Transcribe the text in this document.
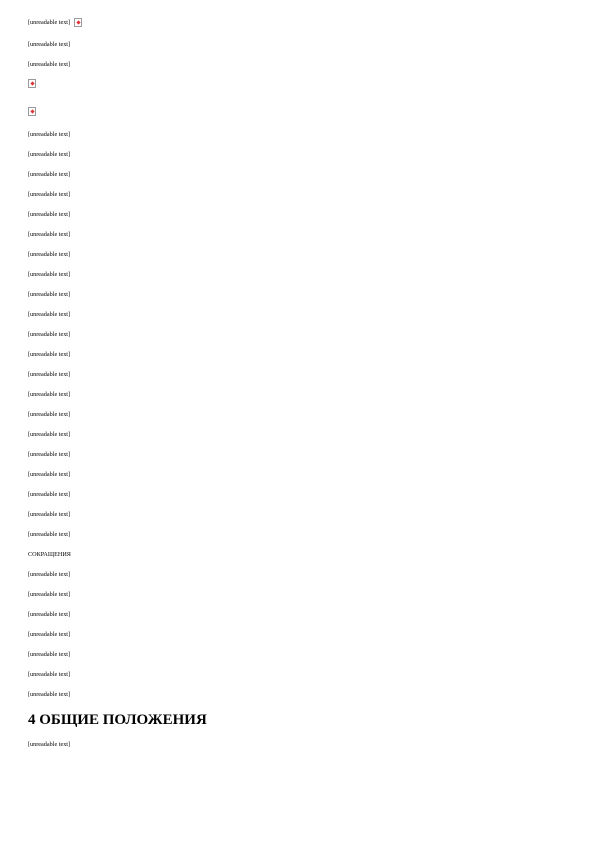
[unreadable text]

[unreadable text]

[unreadable text]

[unreadable text]

[unreadable text]

[unreadable text]

[unreadable text]

[unreadable text]

[unreadable text]

[unreadable text]

[unreadable text]

[unreadable text]

[unreadable text]

[unreadable text]

[unreadable text]

[unreadable text]

[unreadable text]

[unreadable text]

[unreadable text]

[unreadable text]

[unreadable text]

[unreadable text]

[unreadable text]

[unreadable text]

СОКРАЩЕНИЯ

[unreadable text]

[unreadable text]

[unreadable text]

[unreadable text]

[unreadable text]

[unreadable text]

[unreadable text]

4 ОБЩИЕ ПОЛОЖЕНИЯ

[unreadable text]
